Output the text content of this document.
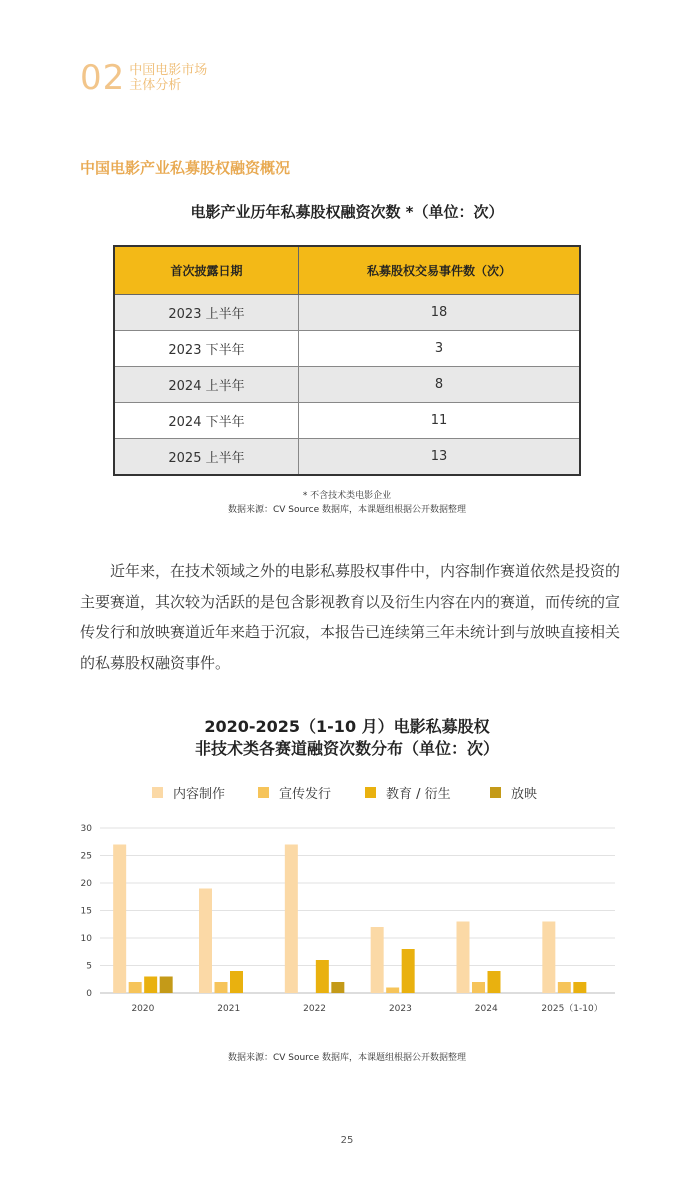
02 中国电影市场
主体分析
中国电影产业私募股权融资概况
电影产业历年私募股权融资次数 *（单位：次）
首次披露日期	私募股权交易事件数（次）
2023 上半年	18
2023 下半年	3
2024 上半年	8
2024 下半年	11
2025 上半年	13
* 不含技术类电影企业
数据来源：CV Source 数据库，本课题组根据公开数据整理
近年来，在技术领域之外的电影私募股权事件中，内容制作赛道依然是投资的主要赛道，其次较为活跃的是包含影视教育以及衍生内容在内的赛道，而传统的宣传发行和放映赛道近年来趋于沉寂，本报告已连续第三年未统计到与放映直接相关的私募股权融资事件。
2020-2025（1-10 月）电影私募股权
非技术类各赛道融资次数分布（单位：次）
内容制作	宣传发行	教育 / 衍生	放映
0
5
10
15
20
25
30
2020	2021	2022	2023	2024	2025（1-10）
数据来源：CV Source 数据库，本课题组根据公开数据整理
25
